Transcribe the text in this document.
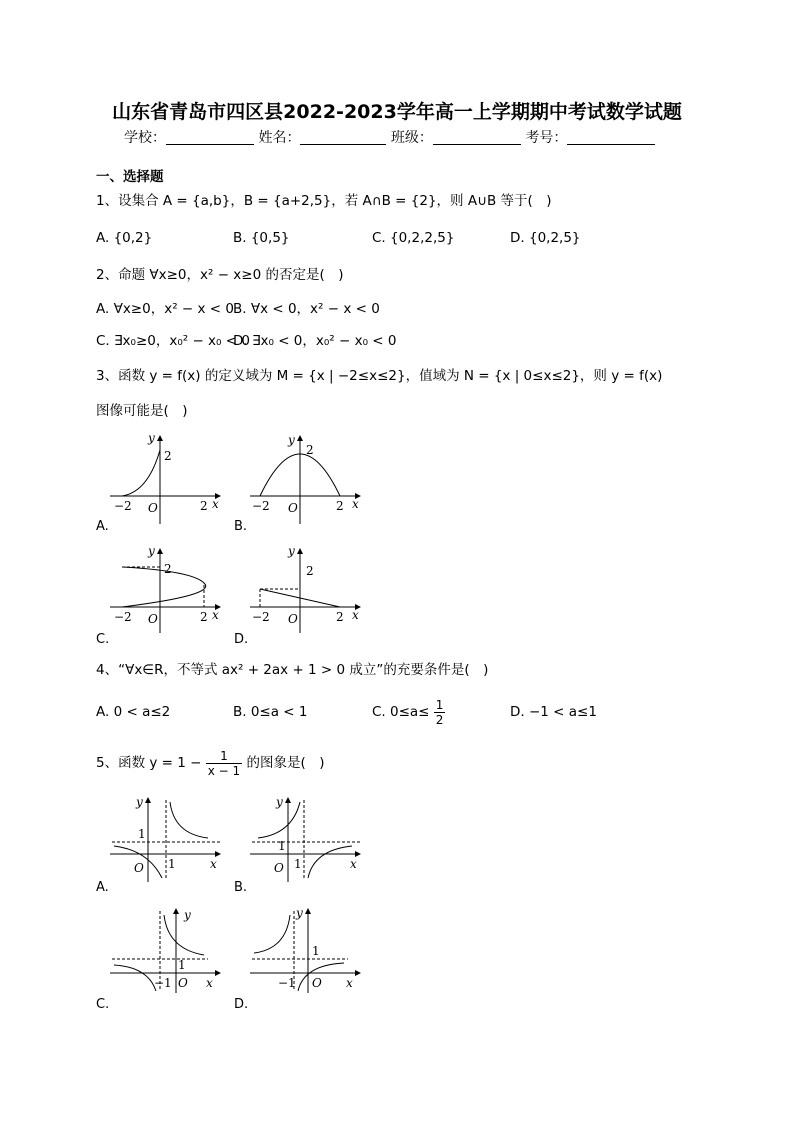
山东省青岛市四区县2022-2023学年高一上学期期中考试数学试题
学校：	姓名：	班级：	考号：
一、选择题
1、设集合 A = {a,b}，B = {a+2,5}，若 A∩B = {2}，则 A∪B 等于(　)
A. {0,2}	B. {0,5}	C. {0,2,2,5}	D. {0,2,5}
2、命题 ∀x≥0，x² − x≥0 的否定是(　)
A. ∀x≥0，x² − x < 0 B. ∀x < 0，x² − x < 0
C. ∃x₀≥0，x₀² − x₀ < 0
D. ∃x₀ < 0，x₀² − x₀ < 0
3、函数 y = f(x) 的定义域为 M = {x | −2≤x≤2}，值域为 N = {x | 0≤x≤2}，则 y = f(x)
图像可能是(　)
y
2
−2 O	2 x
A.
y
2
−2 O	2 x
B.
y
2
−2 O	2 x
C.
y
2
−2 O	2 x
D.
4、“∀x∈R，不等式 ax² + 2ax + 1 > 0 成立”的充要条件是(　)
A. 0 < a≤2	B. 0≤a < 1	C. $0\le a\le \frac{1}{2}$	D. −1 < a≤1
5、函数 $y = 1 - \frac{1}{x - 1}$ 的图象是(　)
y
1
O 1	x
A.
y
1
O 1	x
B.
y
1
−1 O x
C.
y
1
−1 O x
D.
